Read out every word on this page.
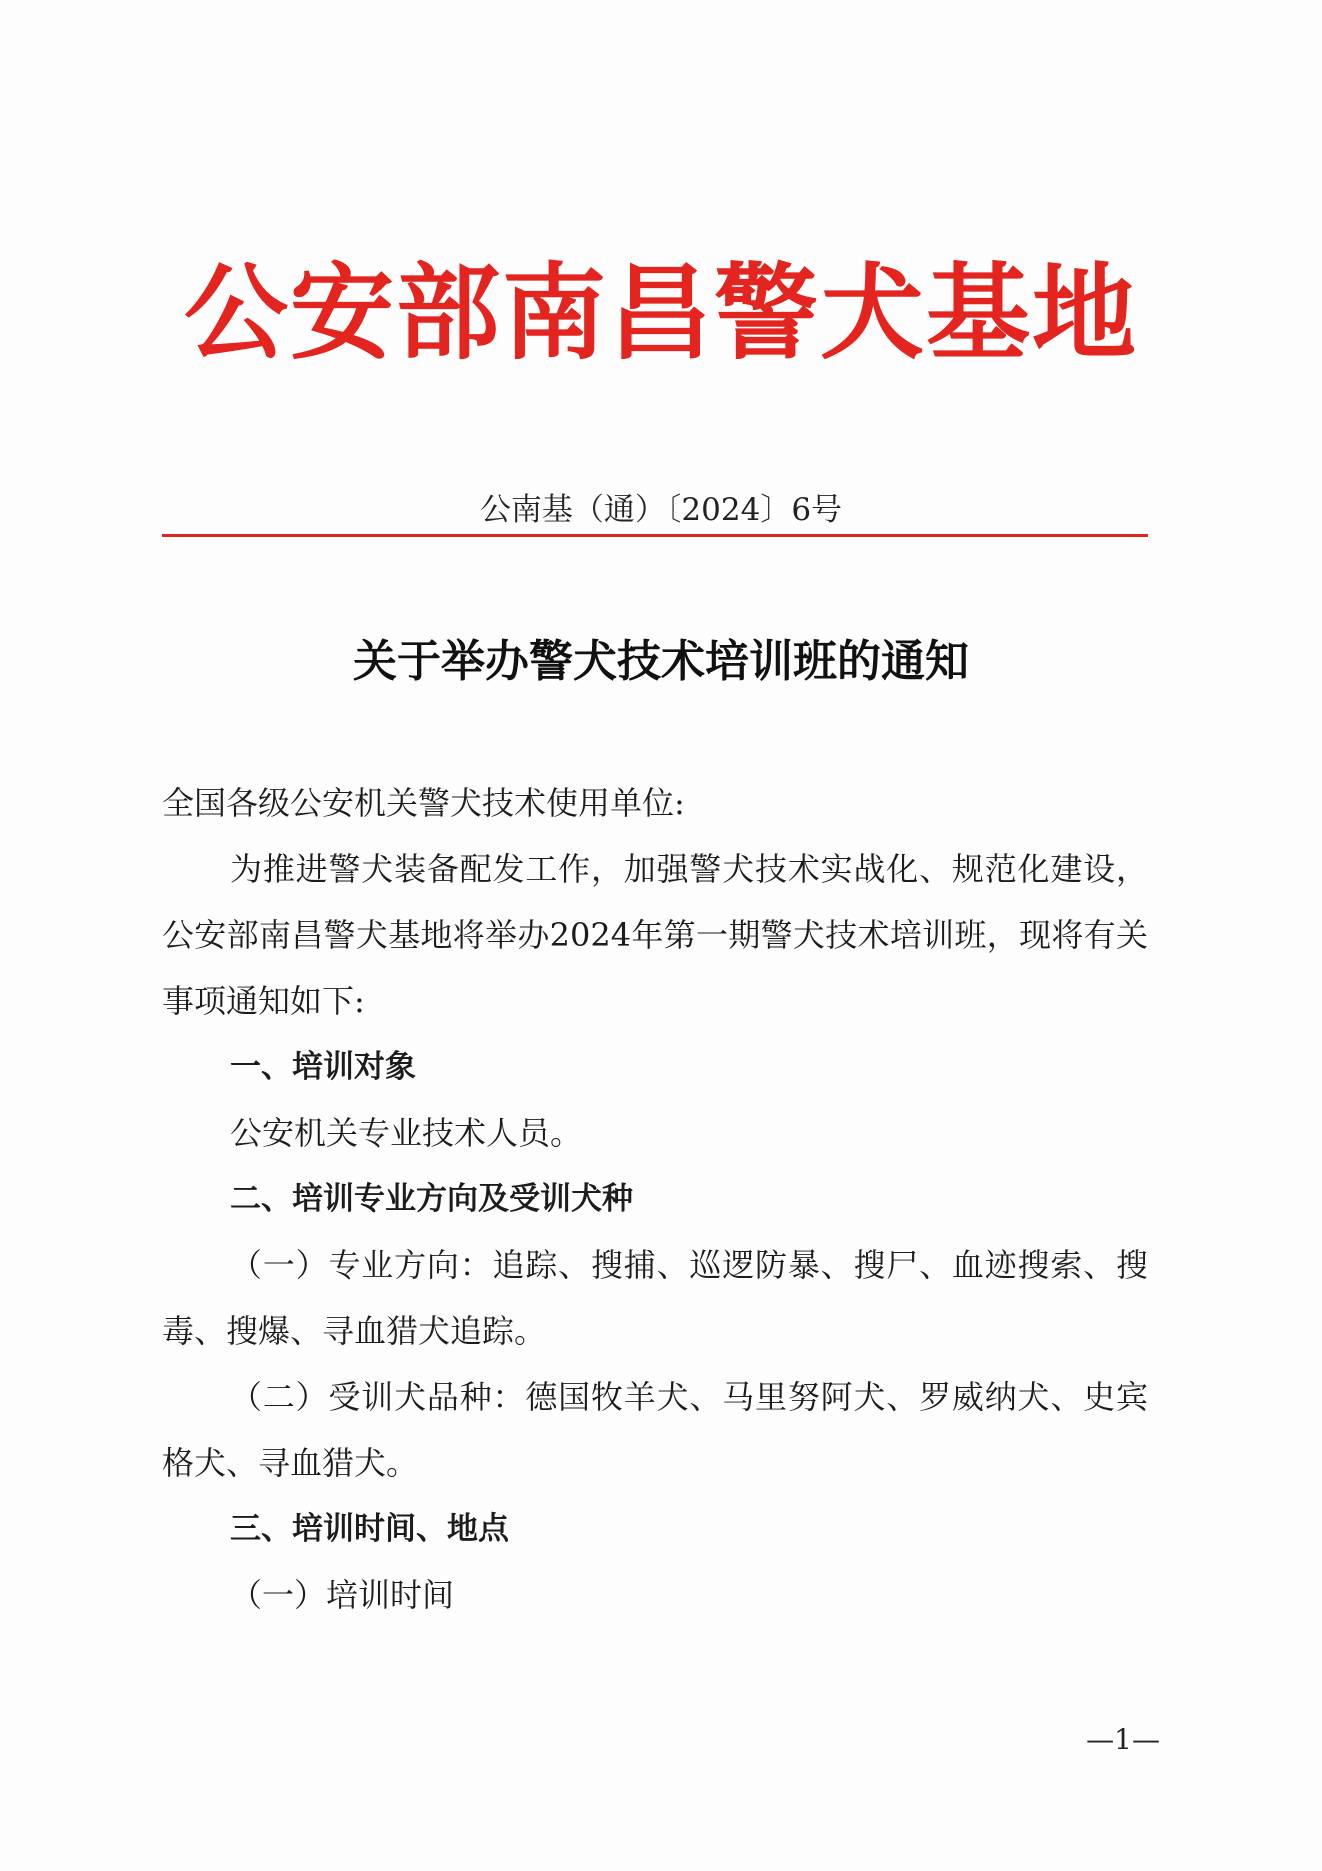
公安部南昌警犬基地
公南基（通）〔2024〕6号
关于举办警犬技术培训班的通知

全国各级公安机关警犬技术使用单位:

为推进警犬装备配发工作，加强警犬技术实战化、规范化建设，公安部南昌警犬基地将举办2024年第一期警犬技术培训班，现将有关事项通知如下:

一、培训对象

公安机关专业技术人员。

二、培训专业方向及受训犬种

（一）专业方向：追踪、搜捕、巡逻防暴、搜尸、血迹搜索、搜毒、搜爆、寻血猎犬追踪。

（二）受训犬品种：德国牧羊犬、马里努阿犬、罗威纳犬、史宾格犬、寻血猎犬。

三、培训时间、地点

（一）培训时间

—1—
